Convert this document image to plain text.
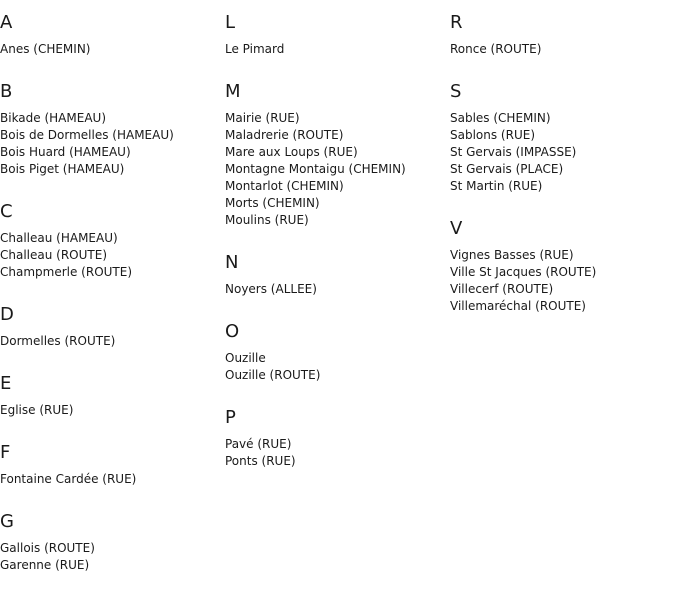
A
Anes (CHEMIN)
B
Bikade (HAMEAU)
Bois de Dormelles (HAMEAU)
Bois Huard (HAMEAU)
Bois Piget (HAMEAU)
C
Challeau (HAMEAU)
Challeau (ROUTE)
Champmerle (ROUTE)
D
Dormelles (ROUTE)
E
Eglise (RUE)
F
Fontaine Cardée (RUE)
G
Gallois (ROUTE)
Garenne (RUE)
L
Le Pimard
M
Mairie (RUE)
Maladrerie (ROUTE)
Mare aux Loups (RUE)
Montagne Montaigu (CHEMIN)
Montarlot (CHEMIN)
Morts (CHEMIN)
Moulins (RUE)
N
Noyers (ALLEE)
O
Ouzille
Ouzille (ROUTE)
P
Pavé (RUE)
Ponts (RUE)
R
Ronce (ROUTE)
S
Sables (CHEMIN)
Sablons (RUE)
St Gervais (IMPASSE)
St Gervais (PLACE)
St Martin (RUE)
V
Vignes Basses (RUE)
Ville St Jacques (ROUTE)
Villecerf (ROUTE)
Villemaréchal (ROUTE)
